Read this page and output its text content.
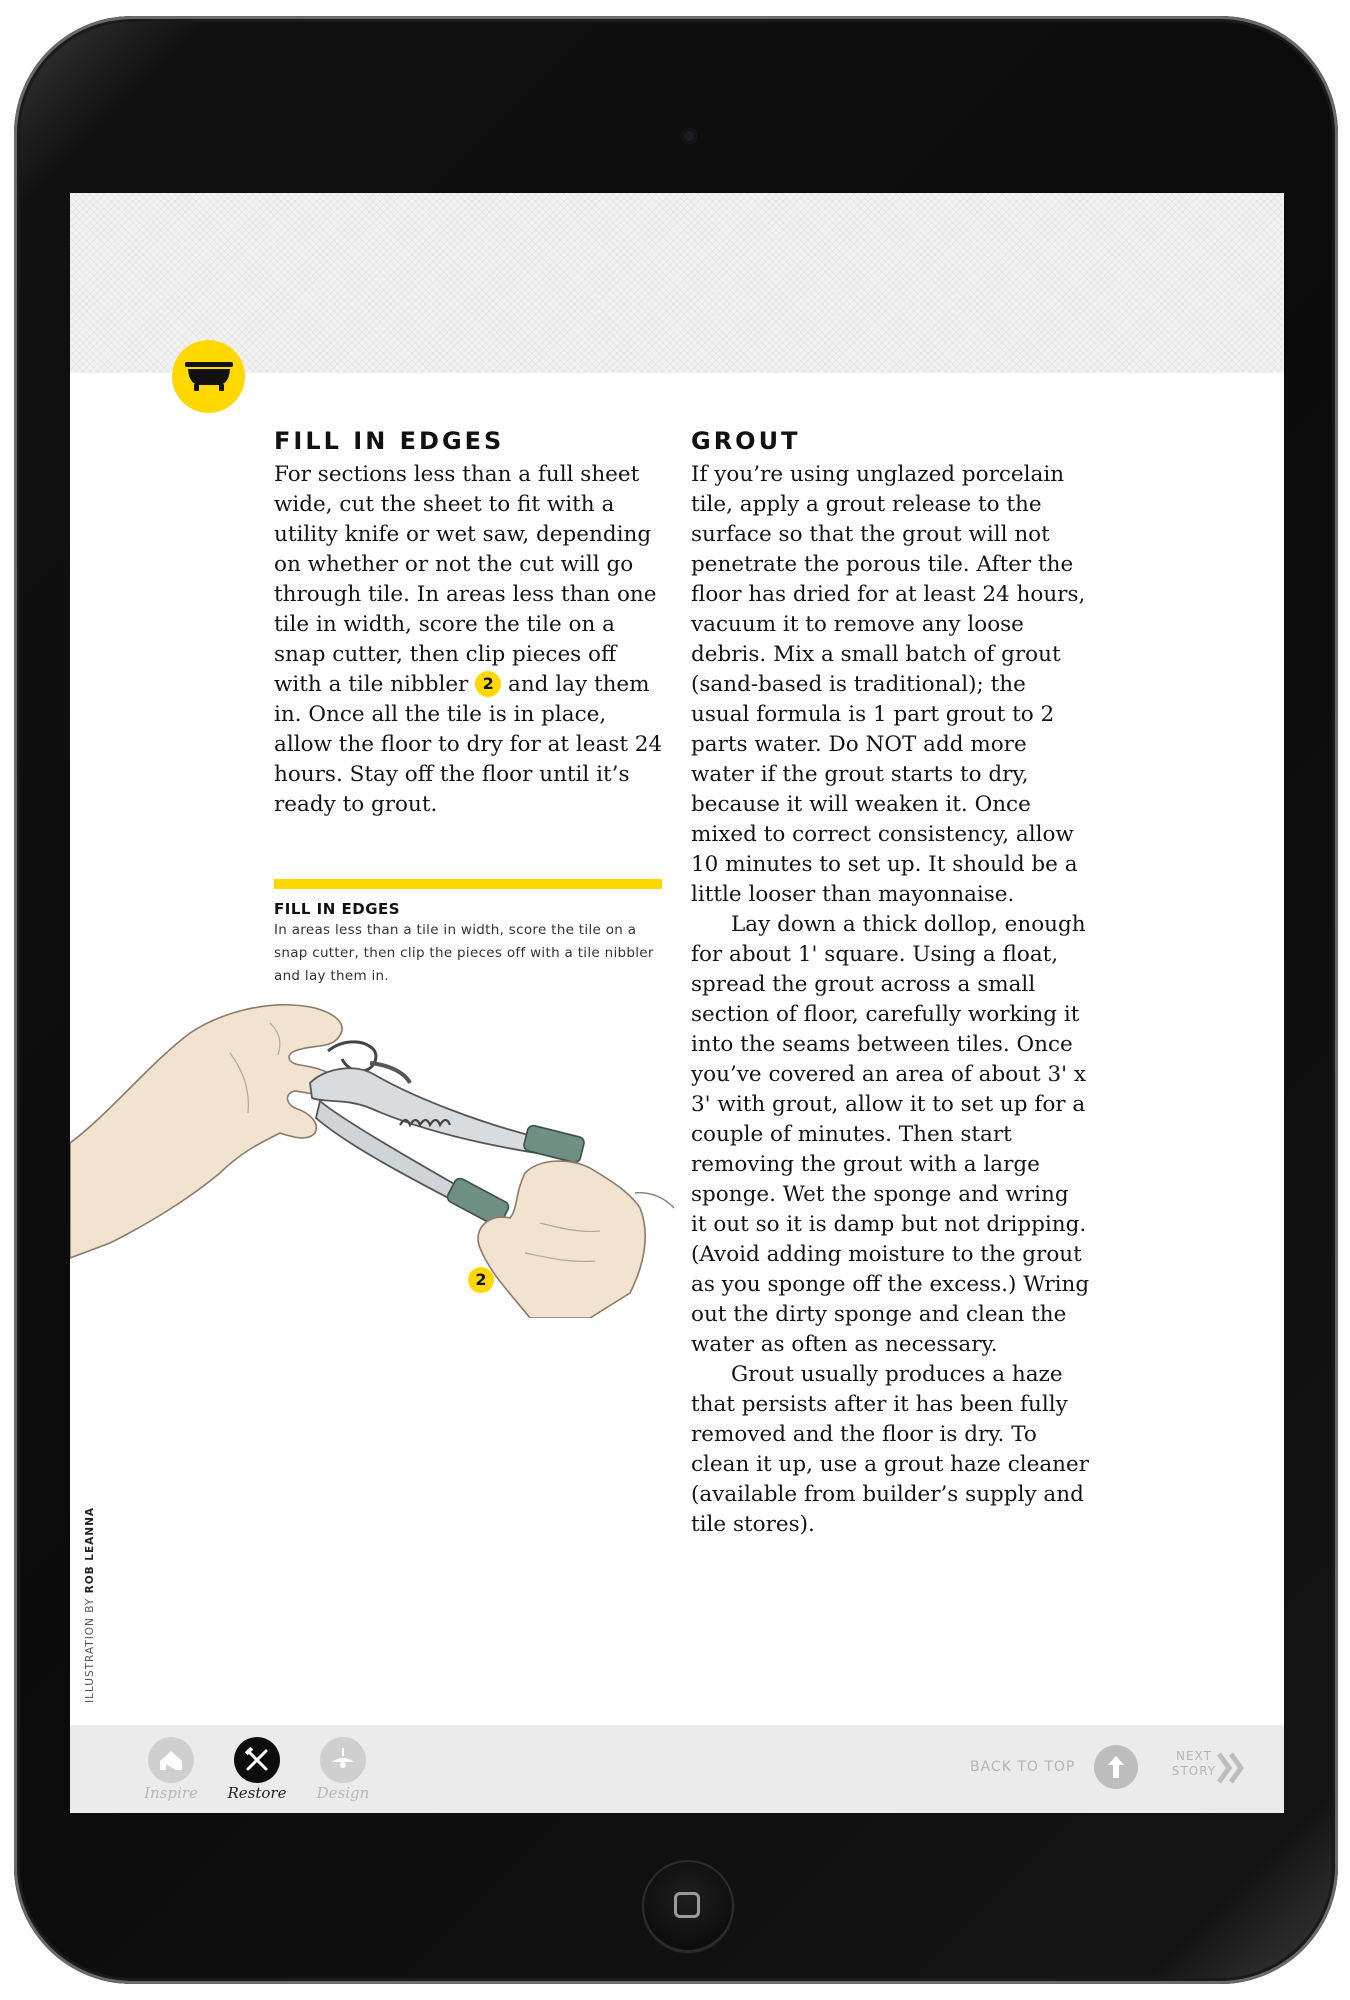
FILL IN EDGES

For sections less than a full sheet wide, cut the sheet to fit with a utility knife or wet saw, depending on whether or not the cut will go through tile. In areas less than one tile in width, score the tile on a snap cutter, then clip pieces off with a tile nibbler 2 and lay them in. Once all the tile is in place, allow the floor to dry for at least 24 hours. Stay off the floor until it’s ready to grout.

GROUT

If you’re using unglazed porcelain tile, apply a grout release to the surface so that the grout will not penetrate the porous tile. After the floor has dried for at least 24 hours, vacuum it to remove any loose debris. Mix a small batch of grout (sand-based is traditional); the usual formula is 1 part grout to 2 parts water. Do NOT add more water if the grout starts to dry, because it will weaken it. Once mixed to correct consistency, allow 10 minutes to set up. It should be a little looser than mayonnaise.

Lay down a thick dollop, enough for about 1' square. Using a float, spread the grout across a small section of floor, carefully working it into the seams between tiles. Once you’ve covered an area of about 3' x 3' with grout, allow it to set up for a couple of minutes. Then start removing the grout with a large sponge. Wet the sponge and wring it out so it is damp but not dripping. (Avoid adding moisture to the grout as you sponge off the excess.) Wring out the dirty sponge and clean the water as often as necessary.

Grout usually produces a haze that persists after it has been fully removed and the floor is dry. To clean it up, use a grout haze cleaner (available from builder’s supply and tile stores).

FILL IN EDGES
In areas less than a tile in width, score the tile on a snap cutter, then clip the pieces off with a tile nibbler and lay them in.
2
ILLUSTRATION BY ROB LEANNA
Inspire	Restore	Design
BACK TO TOP
NEXT
STORY
